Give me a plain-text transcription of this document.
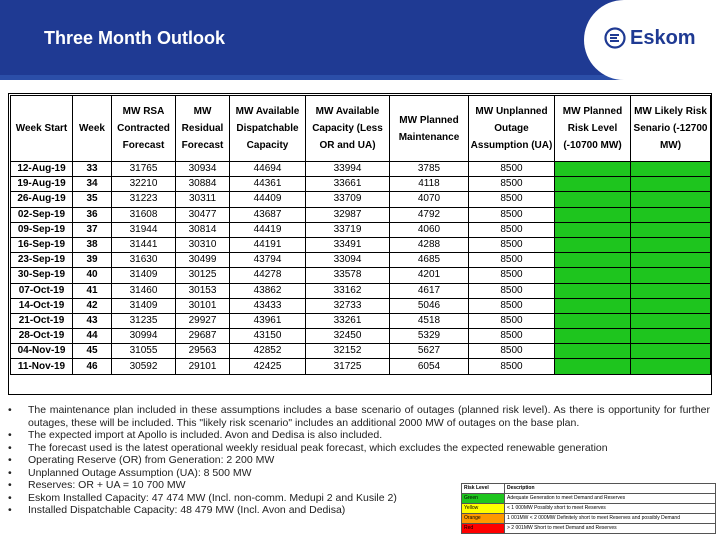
Three Month Outlook	Eskom
Week Start	Week	MW RSA Contracted Forecast	MW Residual Forecast	MW Available Dispatchable Capacity	MW Available Capacity (Less OR and UA)	MW Planned Maintenance	MW Unplanned Outage Assumption (UA)	MW Planned Risk Level (-10700 MW)	MW Likely Risk Senario (-12700 MW)
12-Aug-19	33	31765	30934	44694	33994	3785	8500		
19-Aug-19	34	32210	30884	44361	33661	4118	8500		
26-Aug-19	35	31223	30311	44409	33709	4070	8500		
02-Sep-19	36	31608	30477	43687	32987	4792	8500		
09-Sep-19	37	31944	30814	44419	33719	4060	8500		
16-Sep-19	38	31441	30310	44191	33491	4288	8500		
23-Sep-19	39	31630	30499	43794	33094	4685	8500		
30-Sep-19	40	31409	30125	44278	33578	4201	8500		
07-Oct-19	41	31460	30153	43862	33162	4617	8500		
14-Oct-19	42	31409	30101	43433	32733	5046	8500		
21-Oct-19	43	31235	29927	43961	33261	4518	8500		
28-Oct-19	44	30994	29687	43150	32450	5329	8500		
04-Nov-19	45	31055	29563	42852	32152	5627	8500		
11-Nov-19	46	30592	29101	42425	31725	6054	8500		
•	The maintenance plan included in these assumptions includes a base scenario of outages (planned risk level). As there is opportunity for further outages, these will be included. This "likely risk scenario" includes an additional 2000 MW of outages on the base plan.
•	The expected import at Apollo is included. Avon and Dedisa is also included.
•	The forecast used is the latest operational weekly residual peak forecast, which excludes the expected renewable generation
•	Operating Reserve (OR) from Generation: 2 200 MW
•	Unplanned Outage Assumption (UA): 8 500 MW
•	Reserves: OR + UA = 10 700 MW
•	Eskom Installed Capacity: 47 474 MW (Incl. non-comm. Medupi 2 and Kusile 2)
•	Installed Dispatchable Capacity: 48 479 MW (Incl. Avon and Dedisa)
Risk Level	Description
Green	Adequate Generation to meet Demand and Reserves
Yellow	< 1 000MW Possibly short to meet Reserves
Orange	1 001MW < 2 000MW Definitely short to meet Reserves and possibly Demand
Red	> 2 001MW Short to meet Demand and Reserves
